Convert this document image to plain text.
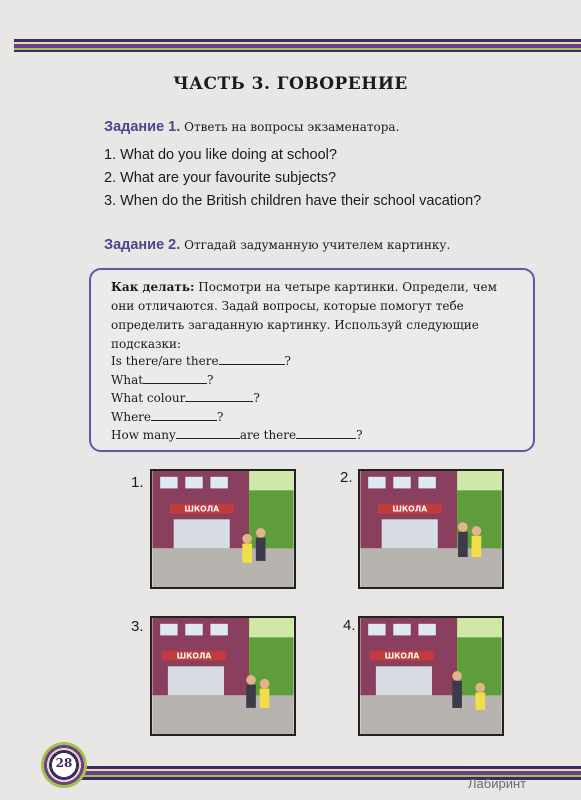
ЧАСТЬ 3. ГОВОРЕНИЕ
Задание 1. Ответь на вопросы экзаменатора.
1. What do you like doing at school?
2. What are your favourite subjects?
3. When do the British children have their school vacation?
Задание 2. Отгадай задуманную учителем картинку.
Как делать: Посмотри на четыре картинки. Определи, чем они отличаются. Задай вопросы, которые помогут тебе определить загаданную картинку. Используй следующие подсказки:
Is there/are there	?
What	?
What colour	?
Where	?
How many	are there	?
1.
ШКОЛА
2.
ШКОЛА
3.
ШКОЛА
4.
ШКОЛА
28
Лабиринт
